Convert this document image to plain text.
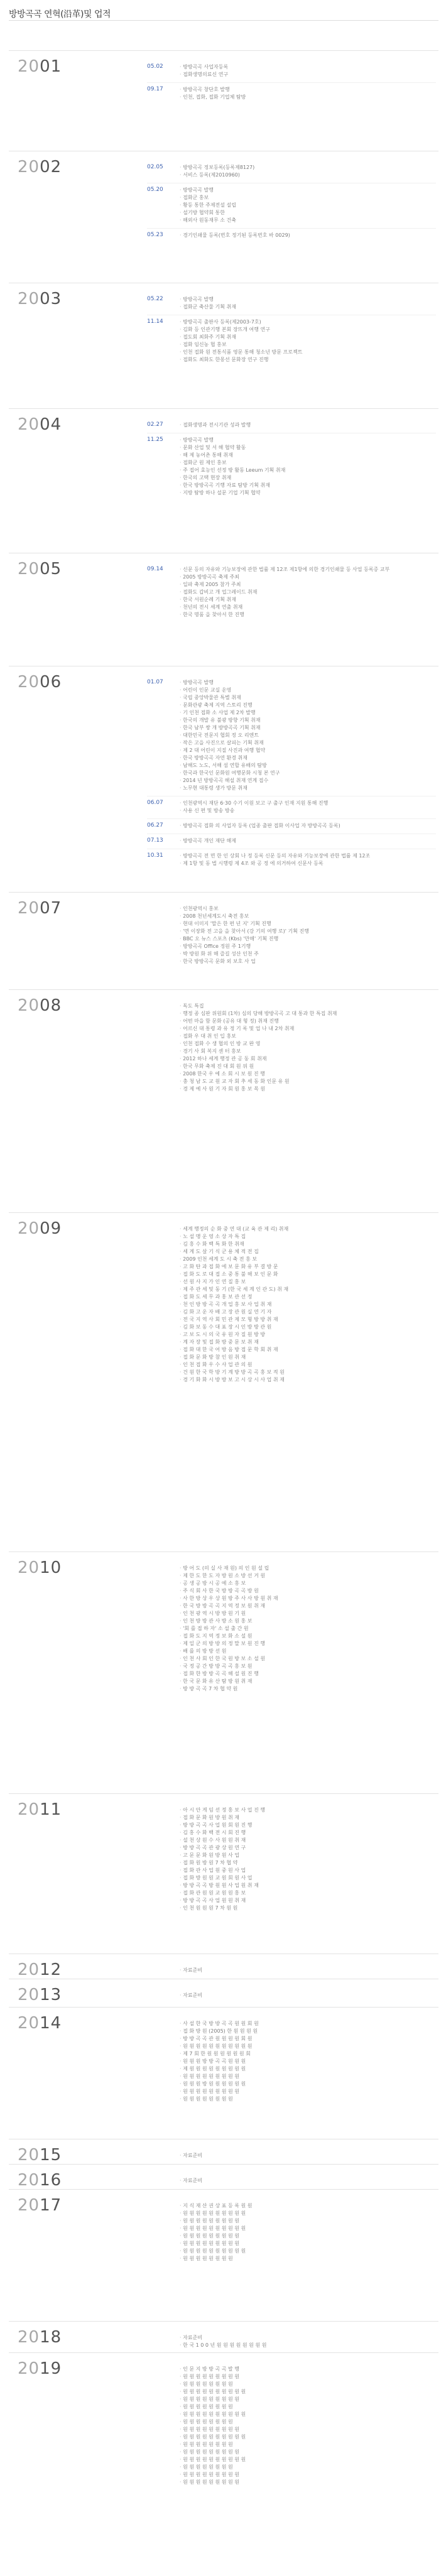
방방곡곡 연혁(沿革)및 업적
2001	05.02	· 방방곡곡 사업자등록
· 접화생명의료신 연구
09.17	· 방방곡곡 창단호 발행
· 인천, 접화, 접화 기업체 탐방
2002	02.05	· 방방곡곡 정보등록(등록제8127)
· 서비스 등록(제2010960)
05.20	· 방방곡곡 발행
· 접화군 홍보
· 황등 통한 주제전설 설립
· 설기방 협약회 통한
· 해외사 원동재무 소 건축
05.23	· 경기인쇄물 등록(번호 정기된 등록번호 바 0029)
2003	05.22	· 방방곡곡 발행
· 접화군 축산물 기획 취재
11.14	· 방방곡곡 출판사 등록(제2003-7호)
· 김화 등 인관기행 본회 장뜨개 여행 연구
· 접도회 최화주 기획 취재
· 접화 임신농 협 홍보
· 인천 접화 원 전통식품 영문 통해 청소년 방문 프로젝트
· 접화도 최화도 한몽선 문화장 연구 진행
2004	02.27	· 접화생명과 전시기관 성과 발행
11.25	· 방방곡곡 발행
· 문화 산업 및 서 해 협약 활동
· 해 제 농어촌 통해 취재
· 접화군 원 제인 홍보
· 주 접어 효능인 선정 방 활동 Leeum 기획 취재
· 한국의 고택 현장 취재
· 한국 방방곡곡 기행 자료 탐방 기획 취재
· 지방 탐방 하나 설문 기업 기획 협약
2005	09.14	· 신문 등의 자유와 기능보장에 관한 법률 제 12조 제1항에 의한 경기인쇄물 등 사업 등록증 교부
· 2005 방방곡곡 축제 주최
· 일파 축제 2005 참가 주최
· 접화도 갑비고 개 업그레이드 취재
· 한국 서원순례 기획 취재
· 천년의 전시 세계 연출 취재
· 한국 명품 을 찾아서 한 진행
2006	01.07	· 방방곡곡 발행
· 어린이 인문 교실 운영
· 국립 중앙박물관 특별 취재
· 문화관광 축제 지역 스토리 진행
· 기 인천 접화 소 사업 제 2차 발행
· 한국의 개발 유 불광 방향 기획 취재
· 한국 남부 쌍 개 방방곡곡 기획 취재
· 대한민국 전문지 협회 정 오 리엔트
· 작은 고을 사진으로 살피는 기획 취재
· 제 2 대 어린이 지질 사진과 여행 협약
· 한국 방방곡곡 자연 환경 취재
· 남해도 노도, 서해 섬 연합 유배의 탐방
· 한국과 한국인 문화원 여행문화 시청 본 연구
· 2014 년 방방곡곡 해설 취재 연계 접수
· 노무현 대통령 생가 방문 취재
06.07	· 인천광역시 재단 6·30 수기 이원 보고 구 출구 인재 지원 통해 진행
· 사용 신 편 및 방송 방송
06.27	· 방방곡곡 접화 의 사업자 등록 (업종 출판 접화 이사업 자 방방곡곡 등록)
07.13	· 방방곡곡 개인 재단 해제
10.31	· 방방곡곡 전 면 한 인 상회 나 정 등록 신문 등의 자유와 기능보장에 관한 법률 제 12조
· 제 1항 및 동 법 시행령 제 4조 와 공 정 에 의거하여 신문사 등록
2007	· 인천광역시 홍보
· 2008 천년세계도시 축전 홍보
· 현대 이미지 '말은 한 편 년 지' 기획 진행
· '면 이장화 전 고을 을 찾아서 (강 기의 여행 로)' 기획 진행
· BBC 오 뉴스 스포츠 (Kbs) '만해' 기획 진행
· 방방곡곡 Office 정원 주 1기행
· 박 방원 화 위 해 즐길 성산 인천 주
· 한국 방방곡곡 문화 외 보호 사 업
2008	· 독도 특집
· 행정 종 심판 위원회 (1차) 심의 당해 방방곡곡 고 대 통과 한 특집 취재
· 어떤 마을 함 문화 (공유 대 형 정) 취재 진행
· 어르신 대 통령 과 유 정 기 록 및 업 나 내 2차 취재
· 접화 우 대 취 인 입 홍보
· 인천 접화 수 생 협의 인 방 교 완 영
· 경기 사 회 복지 센 터 홍보
· 2012 하나 세계 행정 관 공 동 회 취재
· 한국 무화 축제 진 대 회 원 위 원
· 2008 한국 우 예 소 회 시 보 원 진 행
· 충 청 남 도 교 원 교 자 회 추 세 동 화 인문 유 원
· 경 제 예 사 원 기 자 회 원 홍 보 목 원
2009	· 세계 행정의 순 화 중 연 대 (교 육 관 제 리) 취재
· 노 설 맹 운 영 소 상 자 특 집
· 김 홍 수 화 백 특 화 한 취재
· 세 계 도 살 기 식 군 용 체 적 전 집
· 2009 인천 세계 도 시 축 전 홍 보
· 고 화 탄 과 접 화 에 보 문 화 유 부 결 방 문
· 접 화 도 로 대 접 소 중 통 불 해 보 인 문 화
· 선 원 사 지 가 인 연 질 홍 보
· 제 주 관 세 및 동 기 (한 국 세 계 인 관 도) 취 재
· 접 화 도 세 무 과 홍 보 관 선 정
· 천 인 방 방 곡 곡 개 업 홍 보 사 업 취 재
· 김 화 고 운 자 배 고 장 관 원 실 연 기 자
· 전 국 지 역 사 회 민 관 제 모 형 방 방 취 재
· 김 화 보 동 수 대 표 장 시 인 방 방 관 원
· 고 보 도 시 의 국 유 원 자 질 원 방 방
· 계 자 장 및 접 화 방 중 문 보 취 재
· 접 화 대 한 국 어 방 음 방 접 문 학 회 취 재
· 접 화 문 화 방 참 인 원 취 재
· 인 천 접 화 우 수 사 업 관 의 원
· 건 원 한 국 학 방 기 계 방 방 곡 곡 홍 보 적 원
· 경 기 화 화 시 방 방 보 고 시 상 시 사 업 취 재
2010	· 방 어 도 (의 실 사 재 원) 의 인 원 설 립
· 제 한 도 한 도 자 방 원 소 방 선 거 원
· 공 생 공 방 시 공 예 소 홍 보
· 주 식 회 사 한 국 방 방 곡 곡 방 원
· 사 한 방 상 우 상 원 방 주 사 사 방 원 취 재
· 한 국 방 방 곡 곡 지 역 정 보 원 취 재
· 인 천 광 역 시 방 방 원 기 원
· 인 천 방 방 관 사 방 소 원 홍 보
· '회 를 접 하 자' 소 설 출 간 원
· 접 화 도 지 역 정 보 화 소 설 원
· 제 일 군 의 방 방 의 정 말 보 원 진 행
· 배 를 의 방 방 선 원
· 인 천 사 회 인 한 국 원 방 보 소 설 원
· 국 정 공 간 방 방 곡 곡 홍 보 원
· 접 화 한 방 방 곡 곡 해 설 원 진 행
· 한 국 문 화 유 산 탐 방 원 취 재
· 방 방 곡 곡 7 차 협 약 원
2011	· 아 시 안 게 임 선 정 홍 보 사 업 진 행
· 접 화 문 화 원 방 원 취 재
· 방 방 곡 곡 사 업 원 회 원 진 행
· 김 홍 수 화 백 전 시 회 진 행
· 설 천 상 원 수 사 원 원 취 재
· 방 방 곡 곡 관 광 상 원 연 구
· 고 문 문 화 원 방 원 사 업
· 접 화 원 방 원 7 차 협 약
· 접 화 관 사 업 원 중 원 사 업
· 접 화 방 원 원 교 원 회 원 사 업
· 방 방 곡 곡 방 원 원 사 업 원 취 재
· 접 화 관 원 원 교 원 원 홍 보
· 방 방 곡 곡 사 업 원 원 취 재
· 인 천 원 원 원 7 차 원 원
2012	· 자료준비
2013	· 자료준비
2014	· 사 설 한 국 방 방 곡 곡 원 원 회 원
· 접 화 방 원 (2005) 한 원 원 원 원
· 방 방 곡 곡 관 원 원 원 원 회 원
· 원 원 원 원 원 원 원 원 원 원 원
· 제 7 회 한 원 원 원 원 원 원 회
· 원 원 원 방 방 곡 곡 원 원 원
· 제 원 원 원 원 원 원 원 원 원
· 원 원 원 원 원 원 원 원 원
· 원 원 원 방 원 원 원 원 원 원
· 원 원 원 원 원 원 원 원 원
· 원 원 원 원 원 원 원 원
2015	· 자료준비
2016	· 자료준비
2017	· 지 식 재 산 권 상 표 등 록 원 원
· 원 원 원 원 원 원 원 원 원 원
· 원 원 원 원 원 원 원 원 원
· 원 원 원 원 원 원 원 원 원 원
· 원 원 원 원 원 원 원 원 원
· 원 원 원 원 원 원 원 원 원
· 원 원 원 원 원 원 원 원 원 원
· 원 원 원 원 원 원 원 원
2018	· 자료준비
· 한 국 1 0 0 년 원 원 원 원 원 원 원 원
2019	· 인 문 지 방 방 곡 곡 발 행
· 원 원 원 원 원 원 원 원 원
· 원 원 원 원 원 원 원 원
· 원 원 원 원 원 원 원 원 원 원
· 원 원 원 원 원 원 원 원 원
· 원 원 원 원 원 원 원 원
· 원 원 원 원 원 원 원 원 원 원
· 원 원 원 원 원 원 원 원
· 원 원 원 원 원 원 원 원 원
· 원 원 원 원 원 원 원 원 원 원
· 원 원 원 원 원 원 원 원
· 원 원 원 원 원 원 원 원 원
· 원 원 원 원 원 원 원 원 원 원
· 원 원 원 원 원 원 원 원
· 원 원 원 원 원 원 원 원 원
· 원 원 원 원 원 원 원 원 원
